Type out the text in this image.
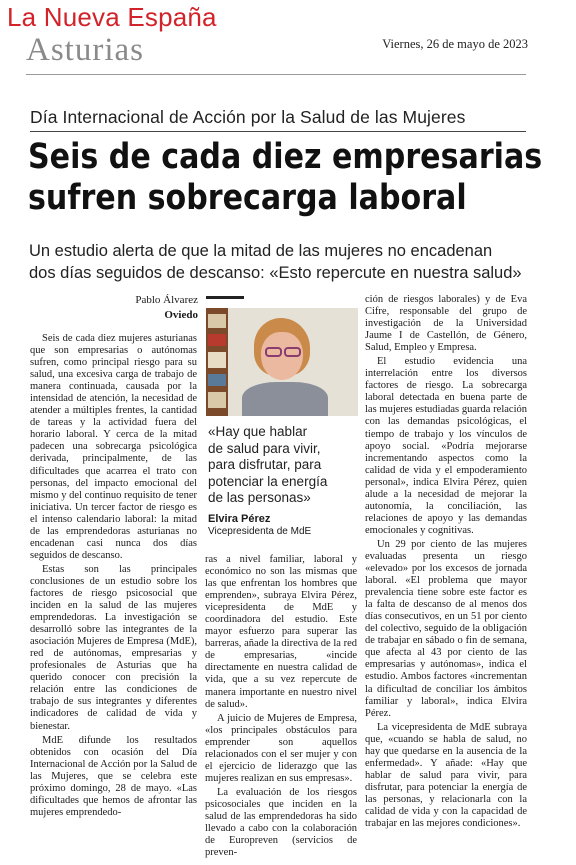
La Nueva España
Asturias	Viernes, 26 de mayo de 2023
Día Internacional de Acción por la Salud de las Mujeres
Seis de cada diez empresarias
sufren sobrecarga laboral
Un estudio alerta de que la mitad de las mujeres no encadenan
dos días seguidos de descanso: «Esto repercute en nuestra salud»
Pablo Álvarez
Oviedo

Seis de cada diez mujeres asturianas que son empresarias o autónomas sufren, como principal riesgo para su salud, una excesiva carga de trabajo de manera continuada, causada por la intensidad de atención, la necesidad de atender a múltiples frentes, la cantidad de tareas y la actividad fuera del horario laboral. Y cerca de la mitad padecen una sobrecarga psicológica derivada, principalmente, de las dificultades que acarrea el trato con personas, del impacto emocional del mismo y del continuo requisito de tener iniciativa. Un tercer factor de riesgo es el intenso calendario laboral: la mitad de las emprendedoras asturianas no encadenan casi nunca dos días seguidos de descanso.

Estas son las principales conclusiones de un estudio sobre los factores de riesgo psicosocial que inciden en la salud de las mujeres emprendedoras. La investigación se desarrolló sobre las integrantes de la asociación Mujeres de Empresa (MdE), red de autónomas, empresarias y profesionales de Asturias que ha querido conocer con precisión la relación entre las condiciones de trabajo de sus integrantes y diferentes indicadores de calidad de vida y bienestar.

MdE difunde los resultados obtenidos con ocasión del Día Internacional de Acción por la Salud de las Mujeres, que se celebra este próximo domingo, 28 de mayo. «Las dificultades que hemos de afrontar las mujeres emprendedo-

«Hay que hablar
de salud para vivir,
para disfrutar, para
potenciar la energía
de las personas»
Elvira Pérez
Vicepresidenta de MdE

ras a nivel familiar, laboral y económico no son las mismas que las que enfrentan los hombres que emprenden», subraya Elvira Pérez, vicepresidenta de MdE y coordinadora del estudio. Este mayor esfuerzo para superar las barreras, añade la directiva de la red de empresarias, «incide directamente en nuestra calidad de vida, que a su vez repercute de manera importante en nuestro nivel de salud».

A juicio de Mujeres de Empresa, «los principales obstáculos para emprender son aquellos relacionados con el ser mujer y con el ejercicio de liderazgo que las mujeres realizan en sus empresas».

La evaluación de los riesgos psicosociales que inciden en la salud de las emprendedoras ha sido llevado a cabo con la colaboración de Europreven (servicios de preven-

ción de riesgos laborales) y de Eva Cifre, responsable del grupo de investigación de la Universidad Jaume I de Castellón, de Género, Salud, Empleo y Empresa.

El estudio evidencia una interrelación entre los diversos factores de riesgo. La sobrecarga laboral detectada en buena parte de las mujeres estudiadas guarda relación con las demandas psicológicas, el tiempo de trabajo y los vínculos de apoyo social. «Podría mejorarse incrementando aspectos como la calidad de vida y el empoderamiento personal», indica Elvira Pérez, quien alude a la necesidad de mejorar la autonomía, la conciliación, las relaciones de apoyo y las demandas emocionales y cognitivas.

Un 29 por ciento de las mujeres evaluadas presenta un riesgo «elevado» por los excesos de jornada laboral. «El problema que mayor prevalencia tiene sobre este factor es la falta de descanso de al menos dos días consecutivos, en un 51 por ciento del colectivo, seguido de la obligación de trabajar en sábado o fin de semana, que afecta al 43 por ciento de las empresarias y autónomas», indica el estudio. Ambos factores «incrementan la dificultad de conciliar los ámbitos familiar y laboral», indica Elvira Pérez.

La vicepresidenta de MdE subraya que, «cuando se habla de salud, no hay que quedarse en la ausencia de la enfermedad». Y añade: «Hay que hablar de salud para vivir, para disfrutar, para potenciar la energía de las personas, y relacionarla con la calidad de vida y con la capacidad de trabajar en las mejores condiciones».
